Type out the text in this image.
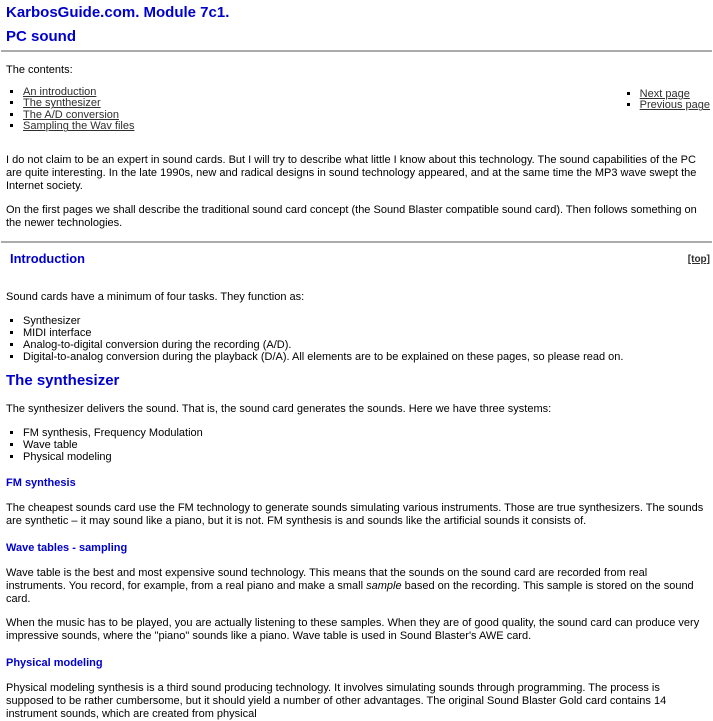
KarbosGuide.com. Module 7c1.
PC sound

The contents:

▪ An introduction
▪ The synthesizer
▪ The A/D conversion
▪ Sampling the Wav files
▪ Next page
▪ Previous page

I do not claim to be an expert in sound cards. But I will try to describe what little I know about this technology. The sound capabilities of the PC are quite interesting. In the late 1990s, new and radical designs in sound technology appeared, and at the same time the MP3 wave swept the Internet society.

On the first pages we shall describe the traditional sound card concept (the Sound Blaster compatible sound card). Then follows something on the newer technologies.

Introduction	[top]

Sound cards have a minimum of four tasks. They function as:

▪ Synthesizer
▪ MIDI interface
▪ Analog-to-digital conversion during the recording (A/D).
▪ Digital-to-analog conversion during the playback (D/A). All elements are to be explained on these pages, so please read on.
The synthesizer

The synthesizer delivers the sound. That is, the sound card generates the sounds. Here we have three systems:

▪ FM synthesis, Frequency Modulation
▪ Wave table
▪ Physical modeling
FM synthesis

The cheapest sounds card use the FM technology to generate sounds simulating various instruments. Those are true synthesizers. The sounds are synthetic – it may sound like a piano, but it is not. FM synthesis is and sounds like the artificial sounds it consists of.

Wave tables - sampling

Wave table is the best and most expensive sound technology. This means that the sounds on the sound card are recorded from real instruments. You record, for example, from a real piano and make a small sample based on the recording. This sample is stored on the sound card.

When the music has to be played, you are actually listening to these samples. When they are of good quality, the sound card can produce very impressive sounds, where the "piano" sounds like a piano. Wave table is used in Sound Blaster's AWE card.

Physical modeling

Physical modeling synthesis is a third sound producing technology. It involves simulating sounds through programming. The process is supposed to be rather cumbersome, but it should yield a number of other advantages. The original Sound Blaster Gold card contains 14 instrument sounds, which are created from physical
